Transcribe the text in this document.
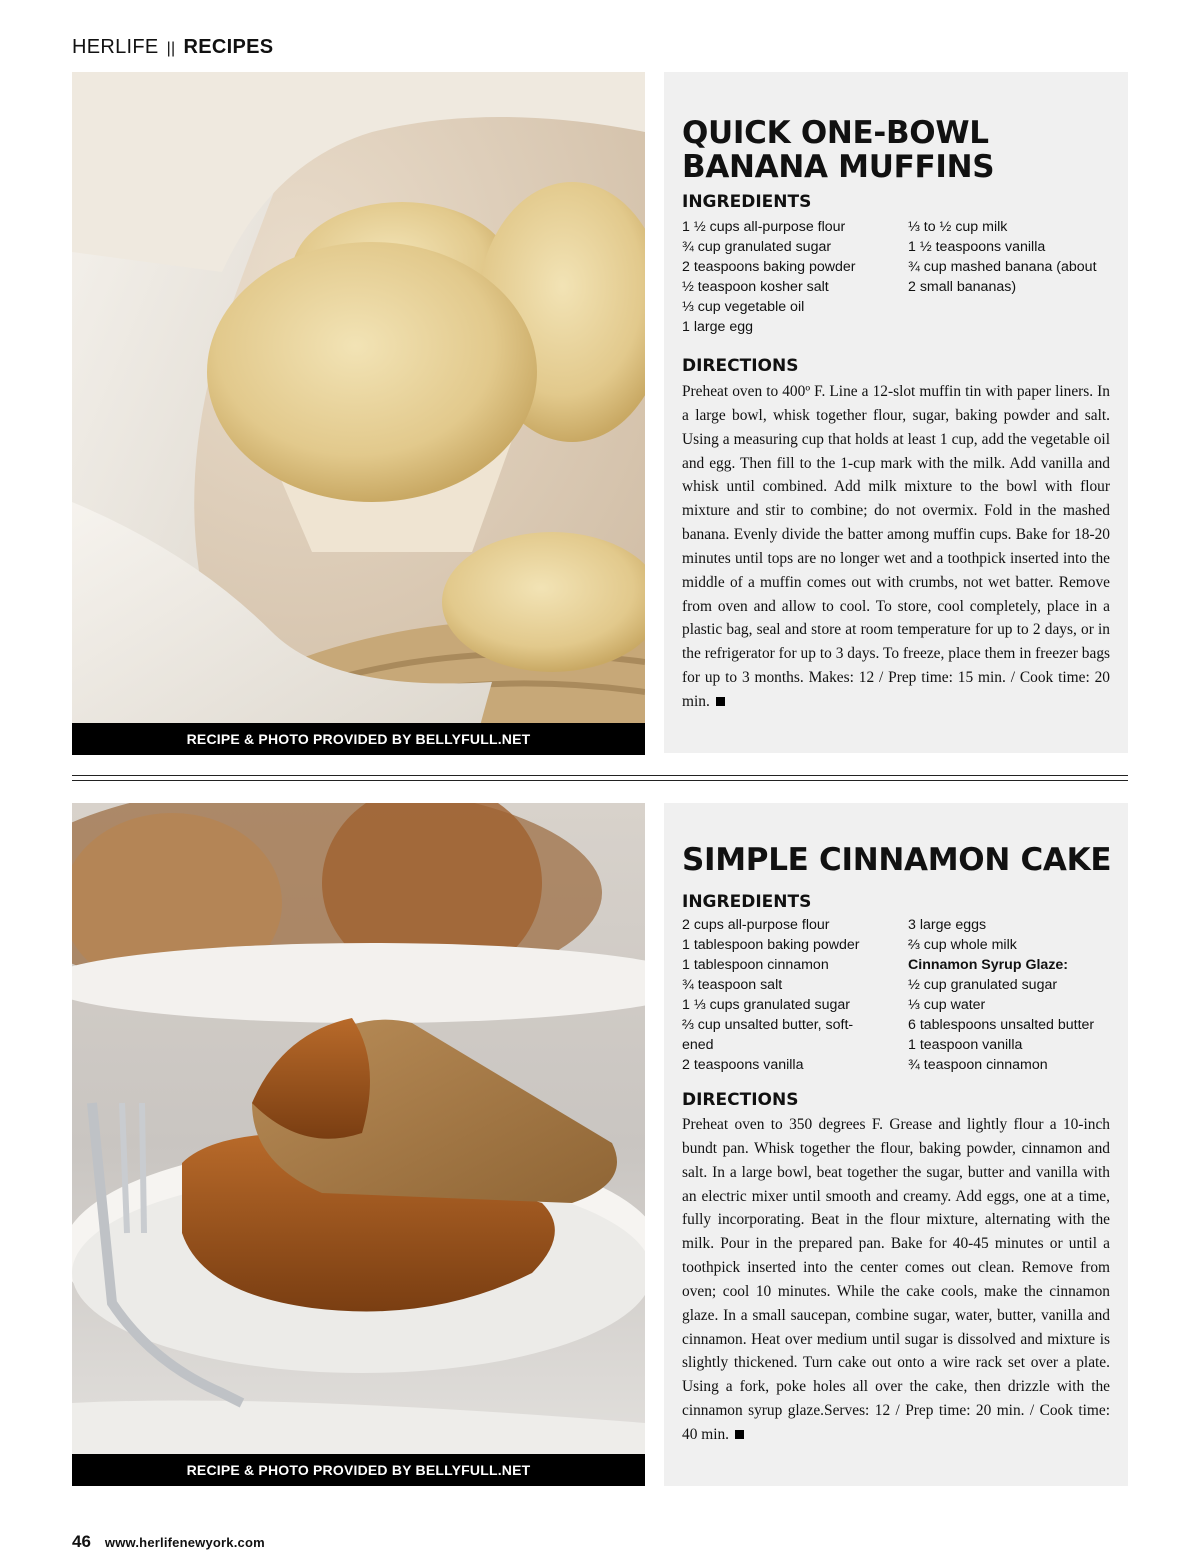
HERLIFE || RECIPES
RECIPE & PHOTO PROVIDED BY BELLYFULL.NET
QUICK ONE-BOWL BANANA MUFFINS
INGREDIENTS
1 ½ cups all-purpose flour
¾ cup granulated sugar
2 teaspoons baking powder
½ teaspoon kosher salt
⅓ cup vegetable oil
1 large egg
⅓ to ½ cup milk
1 ½ teaspoons vanilla
¾ cup mashed banana (about
2 small bananas)
DIRECTIONS

Preheat oven to 400º F. Line a 12-slot muffin tin with paper liners. In a large bowl, whisk together flour, sugar, baking powder and salt. Using a measuring cup that holds at least 1 cup, add the vegetable oil and egg. Then fill to the 1-cup mark with the milk. Add vanilla and whisk until combined. Add milk mixture to the bowl with flour mixture and stir to combine; do not overmix. Fold in the mashed banana. Evenly divide the batter among muffin cups. Bake for 18-20 minutes until tops are no longer wet and a toothpick inserted into the middle of a muffin comes out with crumbs, not wet batter. Remove from oven and allow to cool. To store, cool completely, place in a plastic bag, seal and store at room temperature for up to 2 days, or in the refrigerator for up to 3 days. To freeze, place them in freezer bags for up to 3 months. Makes: 12 / Prep time: 15 min. / Cook time: 20 min.

RECIPE & PHOTO PROVIDED BY BELLYFULL.NET
SIMPLE CINNAMON CAKE
INGREDIENTS
2 cups all-purpose flour
1 tablespoon baking powder
1 tablespoon cinnamon
¾ teaspoon salt
1 ⅓ cups granulated sugar
⅔ cup unsalted butter, soft-
ened
2 teaspoons vanilla
3 large eggs
⅔ cup whole milk
Cinnamon Syrup Glaze:
½ cup granulated sugar
⅓ cup water
6 tablespoons unsalted butter
1 teaspoon vanilla
¾ teaspoon cinnamon
DIRECTIONS

Preheat oven to 350 degrees F. Grease and lightly flour a 10-inch bundt pan. Whisk together the flour, baking powder, cinnamon and salt. In a large bowl, beat together the sugar, butter and vanilla with an electric mixer until smooth and creamy. Add eggs, one at a time, fully incorporating. Beat in the flour mixture, alternating with the milk. Pour in the prepared pan. Bake for 40-45 minutes or until a toothpick inserted into the center comes out clean. Remove from oven; cool 10 minutes. While the cake cools, make the cinnamon glaze. In a small saucepan, combine sugar, water, butter, vanilla and cinnamon. Heat over medium until sugar is dissolved and mixture is slightly thickened. Turn cake out onto a wire rack set over a plate. Using a fork, poke holes all over the cake, then drizzle with the cinnamon syrup glaze.Serves: 12 / Prep time: 20 min. / Cook time: 40 min.

46 www.herlifenewyork.com
